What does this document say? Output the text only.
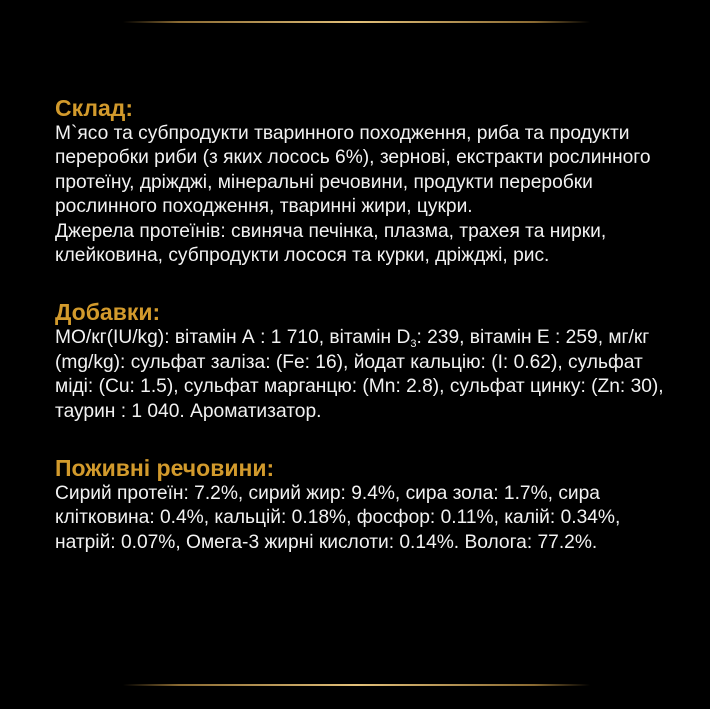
Склад:

М`ясо та субпродукти тваринного походження, риба та продукти переробки риби (з яких лосось 6%), зернові, екстракти рослинного протеїну, дріжджі, мінеральні речовини, продукти переробки рослинного походження, тваринні жири, цукри.

Джерела протеїнів: свиняча печінка, плазма, трахея та нирки, клейковина, субпродукти лосося та курки, дріжджі, рис.

Добавки:

МО/кг(IU/kg): вітамін А : 1 710, вітамін $D_3$: 239, вітамін Е : 259, мг/кг (mg/kg): сульфат заліза: (Fe: 16), йодат кальцію: (I: 0.62), сульфат міді: (Cu: 1.5), сульфат марганцю: (Mn: 2.8), сульфат цинку: (Zn: 30), таурин : 1 040. Ароматизатор.

Поживні речовини:

Сирий протеїн: 7.2%, сирий жир: 9.4%, сира зола: 1.7%, сира клітковина: 0.4%, кальцій: 0.18%, фосфор: 0.11%, калій: 0.34%, натрій: 0.07%, Омега-3 жирні кислоти: 0.14%. Волога: 77.2%.
